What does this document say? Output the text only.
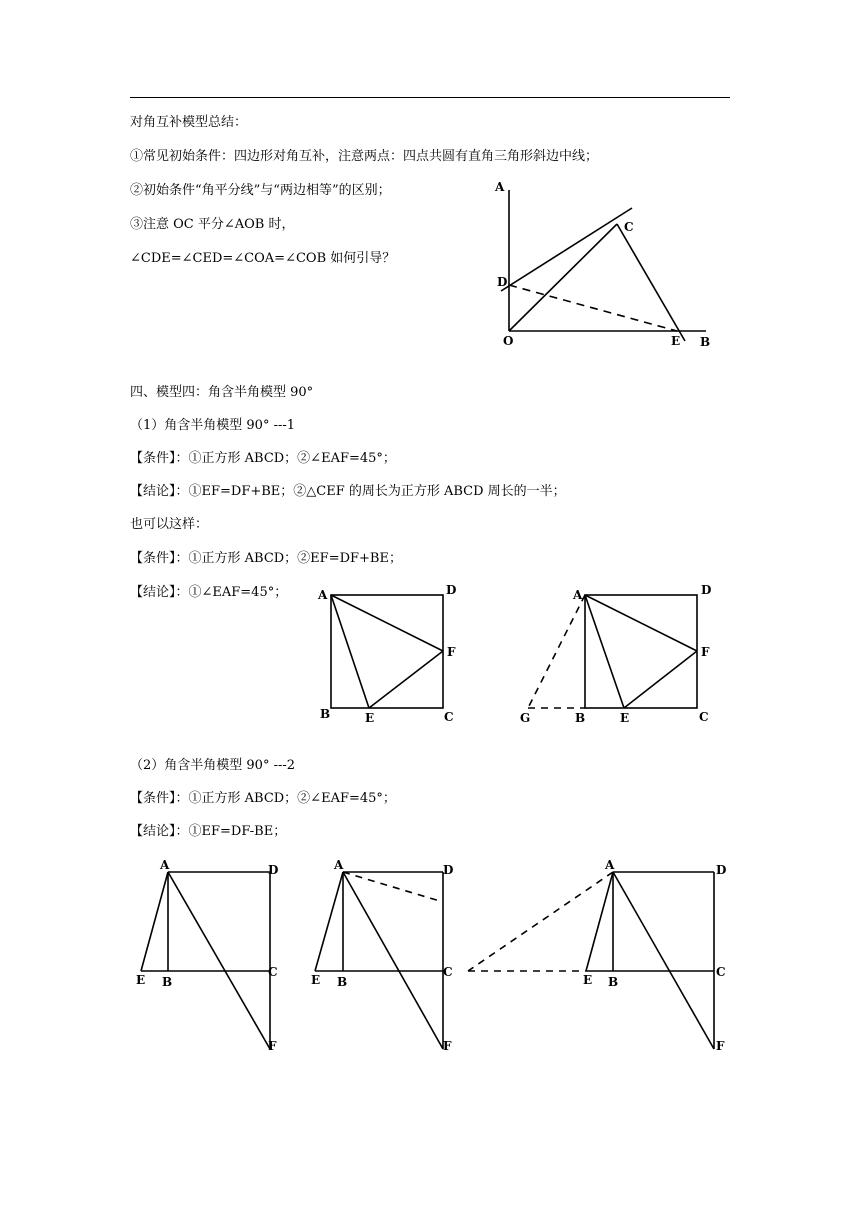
对角互补模型总结：
①常见初始条件：四边形对角互补，注意两点：四点共圆有直角三角形斜边中线；
②初始条件“角平分线”与“两边相等”的区别；
③注意 OC 平分∠AOB 时，
∠CDE=∠CED=∠COA=∠COB 如何引导？
四、模型四：角含半角模型 90°
（1）角含半角模型 90° ---1
【条件】：①正方形 ABCD；②∠EAF=45°；
【结论】：①EF=DF+BE；②△CEF 的周长为正方形 ABCD 周长的一半；
也可以这样：
【条件】：①正方形 ABCD；②EF=DF+BE；
【结论】：①∠EAF=45°；
（2）角含半角模型 90° ---2
【条件】：①正方形 ABCD；②∠EAF=45°；
【结论】：①EF=DF-BE；
A
C
D
O	E B
A	D
F
B	E	C
A	D
F
G	B	E	C
A	D
C
E B
F
A	D
C
E B
F
A	D
C
E B
F
